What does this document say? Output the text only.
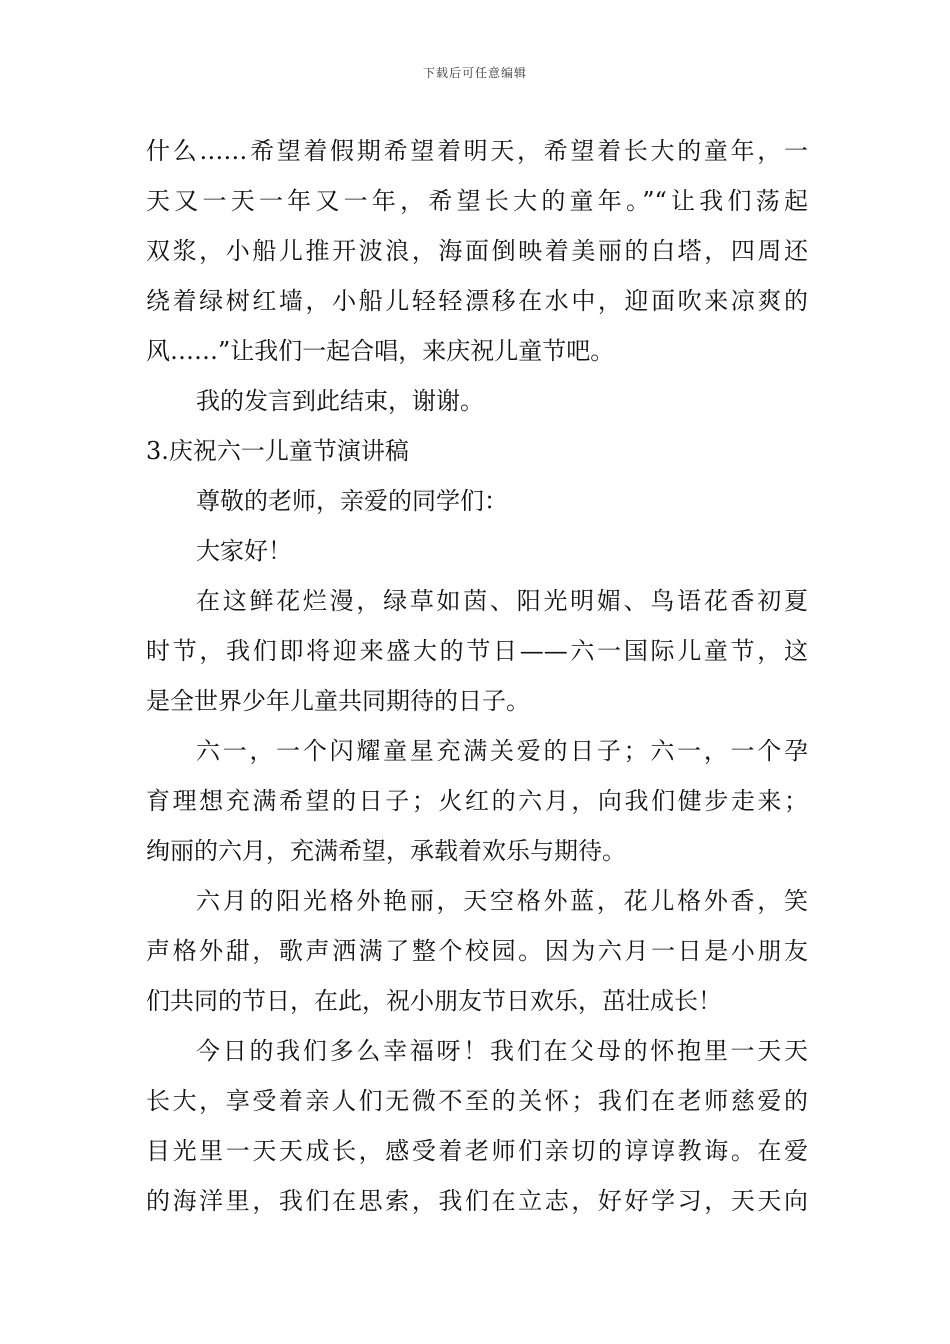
下载后可任意编辑
什么……希望着假期希望着明天，希望着长大的童年，一
天又一天一年又一年，希望长大的童年。”“让我们荡起
双浆，小船儿推开波浪，海面倒映着美丽的白塔，四周还
绕着绿树红墙，小船儿轻轻漂移在水中，迎面吹来凉爽的
风……”让我们一起合唱，来庆祝儿童节吧。
我的发言到此结束，谢谢。
3.庆祝六一儿童节演讲稿
尊敬的老师，亲爱的同学们：
大家好！
在这鲜花烂漫，绿草如茵、阳光明媚、鸟语花香初夏
时节，我们即将迎来盛大的节日——六一国际儿童节，这
是全世界少年儿童共同期待的日子。
六一，一个闪耀童星充满关爱的日子；六一，一个孕
育理想充满希望的日子；火红的六月，向我们健步走来；
绚丽的六月，充满希望，承载着欢乐与期待。
六月的阳光格外艳丽，天空格外蓝，花儿格外香，笑
声格外甜，歌声洒满了整个校园。因为六月一日是小朋友
们共同的节日，在此，祝小朋友节日欢乐，茁壮成长！
今日的我们多么幸福呀！我们在父母的怀抱里一天天
长大，享受着亲人们无微不至的关怀；我们在老师慈爱的
目光里一天天成长，感受着老师们亲切的谆谆教诲。在爱
的海洋里，我们在思索，我们在立志，好好学习，天天向
